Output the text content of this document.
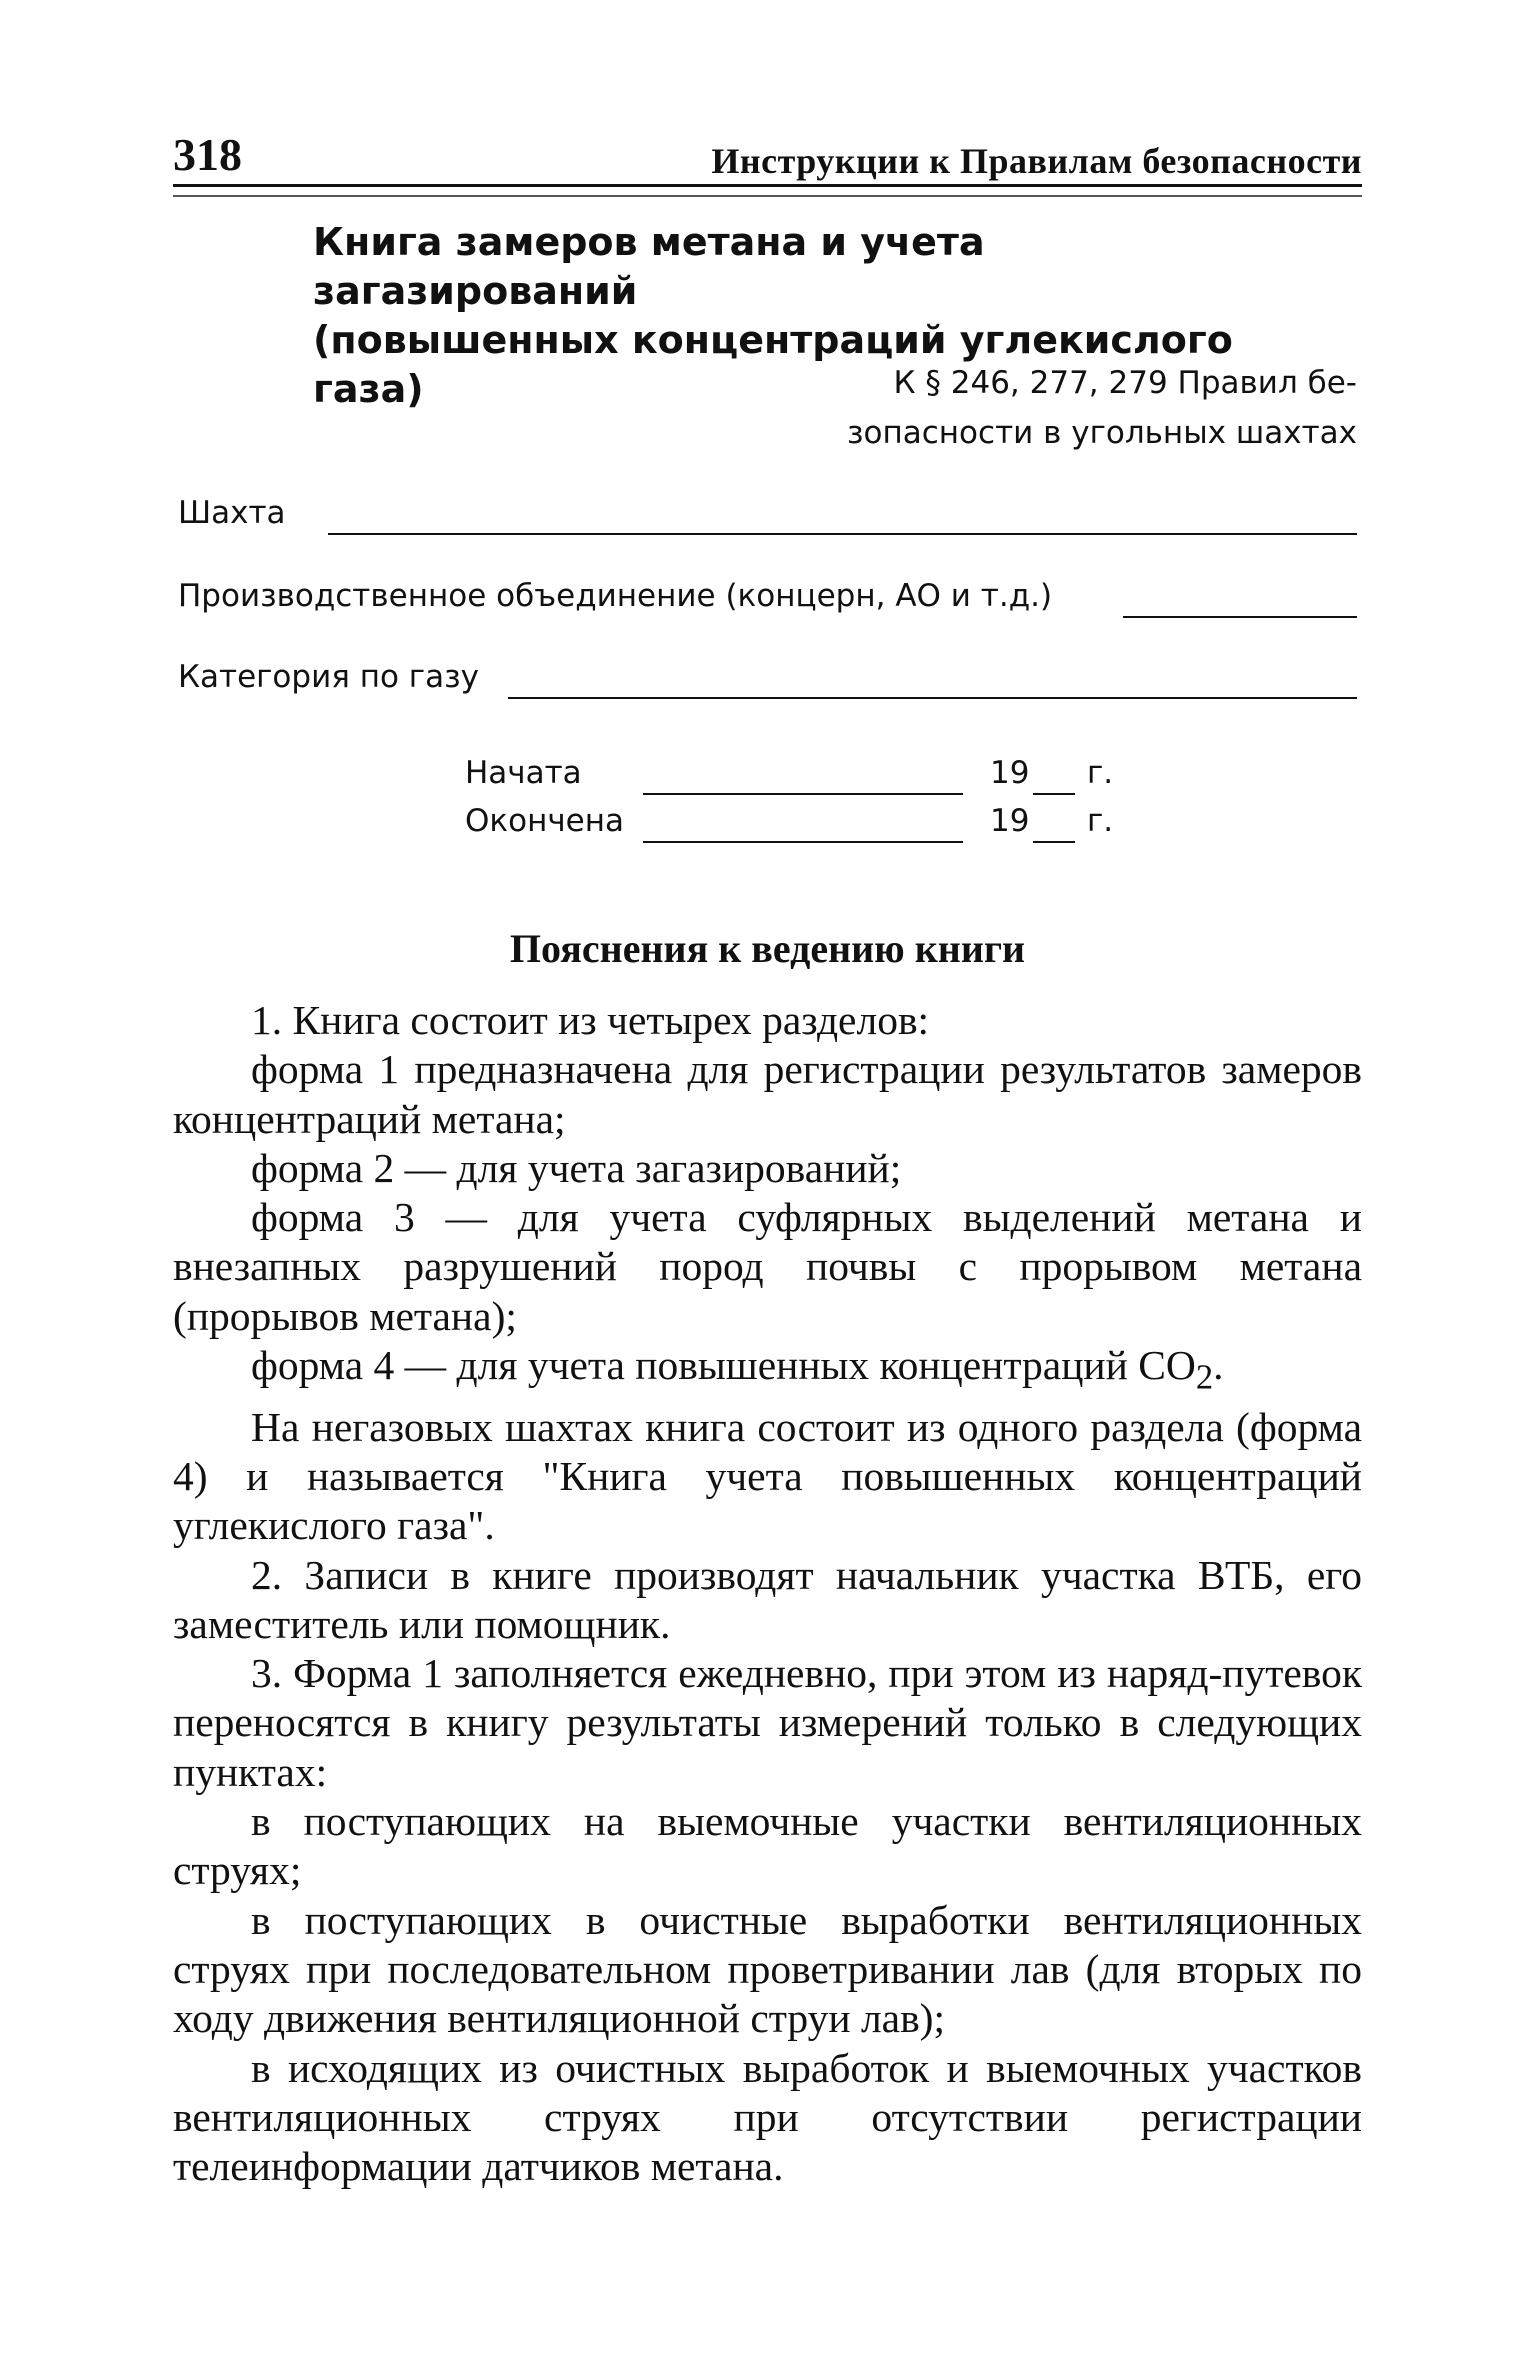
318	Инструкции к Правилам безопасности
Книга замеров метана и учета загазирований
(повышенных концентраций углекислого газа)	К § 246, 277, 279 Правил бе-
зопасности в угольных шахтах
Шахта
Производственное объединение (концерн, АО и т.д.)
Категория по газу
Начата	19 г.
Окончена	19 г.
Пояснения к ведению книги

1. Книга состоит из четырех разделов:

форма 1 предназначена для регистрации результатов замеров концентраций метана;

форма 2 — для учета загазирований;

форма 3 — для учета суфлярных выделений метана и внезапных разрушений пород почвы с прорывом метана (прорывов метана);

форма 4 — для учета повышенных концентраций $CO_2$.

На негазовых шахтах книга состоит из одного раздела (форма 4) и называется "Книга учета повышенных концентраций углекислого газа".

2. Записи в книге производят начальник участка ВТБ, его заместитель или помощник.

3. Форма 1 заполняется ежедневно, при этом из наряд-путевок переносятся в книгу результаты измерений только в следующих пунктах:

в поступающих на выемочные участки вентиляционных струях;

в поступающих в очистные выработки вентиляционных струях при последовательном проветривании лав (для вторых по ходу движения вентиляционной струи лав);

в исходящих из очистных выработок и выемочных участков вентиляционных струях при отсутствии регистрации телеинформации датчиков метана.
